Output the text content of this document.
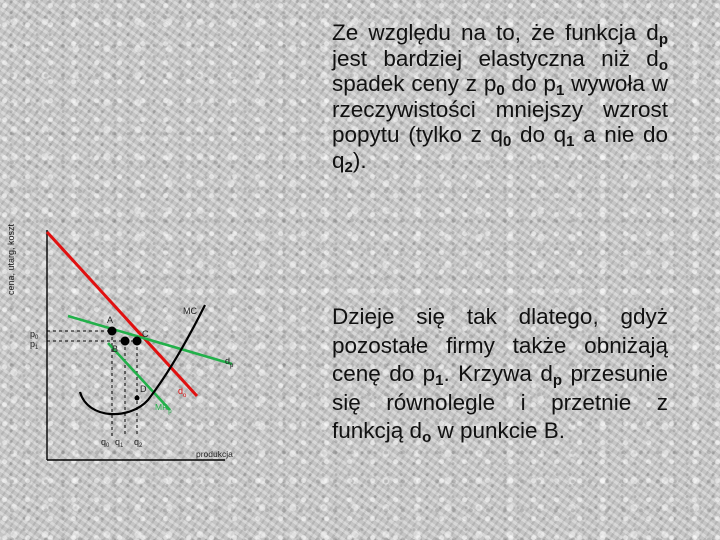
cena, utarg, koszt
produkcja
$p_0$
$p_1$
$q_0$ $q_1$ $q_2$
A
B
C
D
MC
$d_p$
$d_o$
$MR_p$

Ze względu na to, że funkcja $d_p$ jest bardziej elastyczna niż $d_o$ spadek ceny z $p_0$ do $p_1$ wywoła w rzeczywistości mniejszy wzrost popytu (tylko z $q_0$ do $q_1$ a nie do $q_2$).

Dzieje się tak dlatego, gdyż pozostałe firmy także obniżają cenę do $p_1$. Krzywa $d_p$ przesunie się równolegle i przetnie z funkcją $d_o$ w punkcie B.
